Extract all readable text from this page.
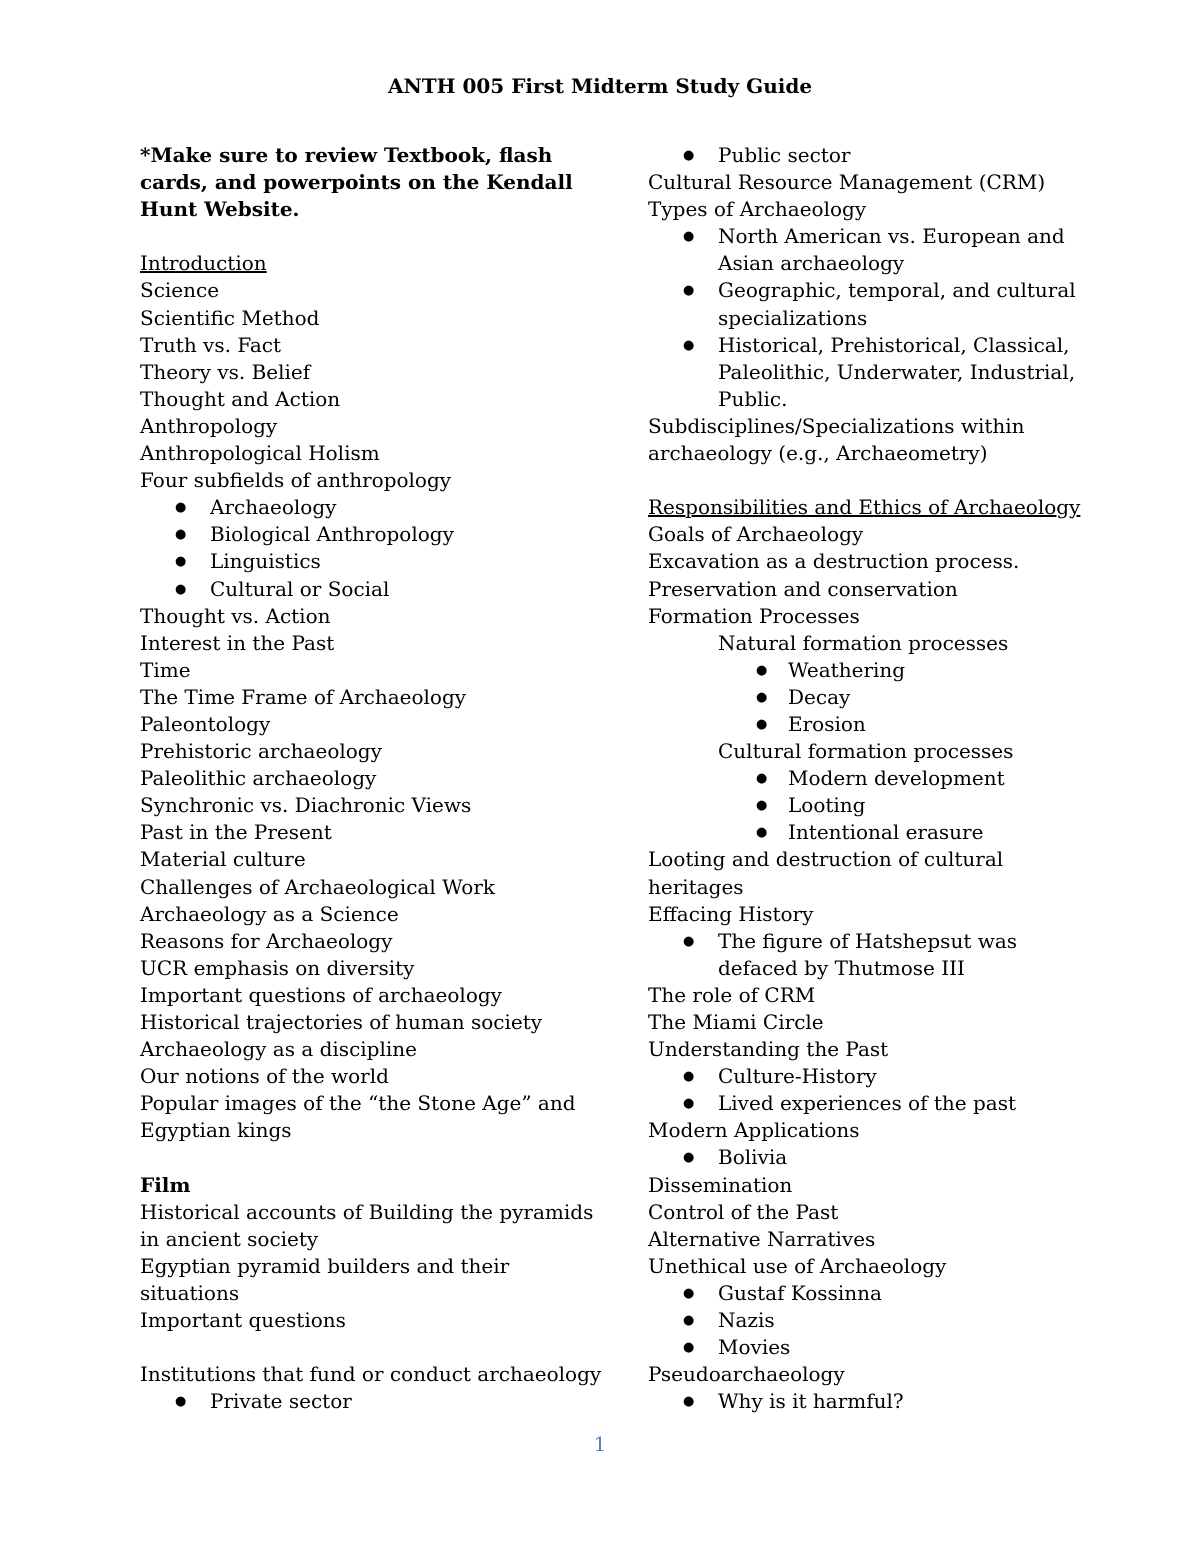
ANTH 005 First Midterm Study Guide
*Make sure to review Textbook, flash cards, and powerpoints on the Kendall Hunt Website.
Introduction
Science
Scientific Method
Truth vs. Fact
Theory vs. Belief
Thought and Action
Anthropology
Anthropological Holism
Four subfields of anthropology
● Archaeology
● Biological Anthropology
● Linguistics
● Cultural or Social
Thought vs. Action
Interest in the Past
Time
The Time Frame of Archaeology
Paleontology
Prehistoric archaeology
Paleolithic archaeology
Synchronic vs. Diachronic Views
Past in the Present
Material culture
Challenges of Archaeological Work
Archaeology as a Science
Reasons for Archaeology
UCR emphasis on diversity
Important questions of archaeology
Historical trajectories of human society
Archaeology as a discipline
Our notions of the world
Popular images of the “the Stone Age” and Egyptian kings
Film
Historical accounts of Building the pyramids in ancient society
Egyptian pyramid builders and their situations
Important questions
Institutions that fund or conduct archaeology
● Private sector
● Public sector
Cultural Resource Management (CRM)
Types of Archaeology
● North American vs. European and Asian archaeology
● Geographic, temporal, and cultural specializations
● Historical, Prehistorical, Classical, Paleolithic, Underwater, Industrial, Public.
Subdisciplines/Specializations within archaeology (e.g., Archaeometry)
Responsibilities and Ethics of Archaeology
Goals of Archaeology
Excavation as a destruction process.
Preservation and conservation
Formation Processes
Natural formation processes
● Weathering
● Decay
● Erosion
Cultural formation processes
● Modern development
● Looting
● Intentional erasure
Looting and destruction of cultural heritages
Effacing History
● The figure of Hatshepsut was defaced by Thutmose III
The role of CRM
The Miami Circle
Understanding the Past
● Culture-History
● Lived experiences of the past
Modern Applications
● Bolivia
Dissemination
Control of the Past
Alternative Narratives
Unethical use of Archaeology
● Gustaf Kossinna
● Nazis
● Movies
Pseudoarchaeology
● Why is it harmful?
1
